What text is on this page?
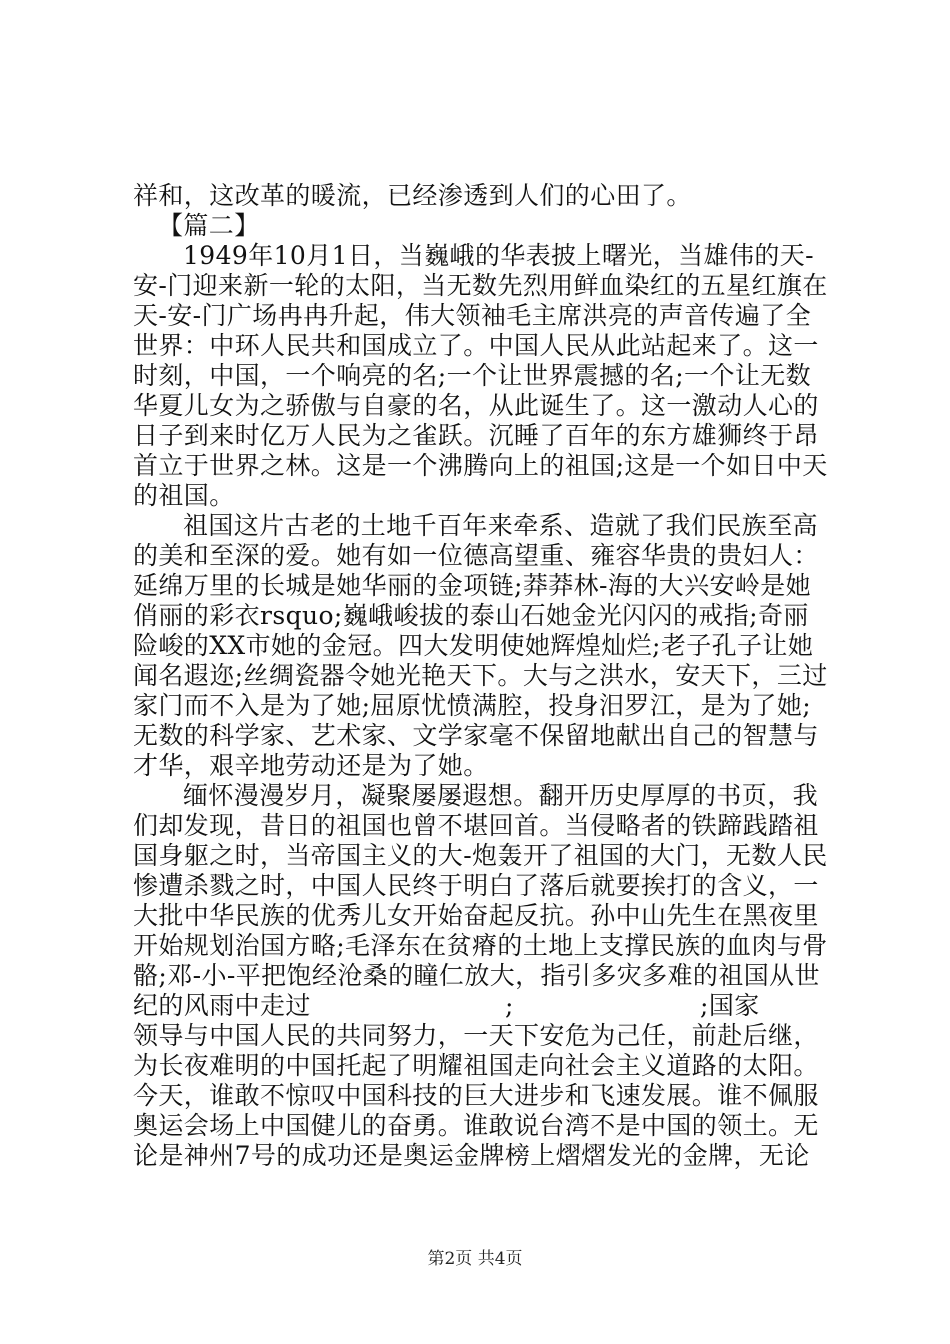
祥和，这改革的暖流，已经渗透到人们的心田了。
【篇二】
1949年10月1日，当巍峨的华表披上曙光，当雄伟的天-
安-门迎来新一轮的太阳，当无数先烈用鲜血染红的五星红旗在
天-安-门广场冉冉升起，伟大领袖毛主席洪亮的声音传遍了全
世界：中环人民共和国成立了。中国人民从此站起来了。这一
时刻，中国，一个响亮的名;一个让世界震撼的名;一个让无数
华夏儿女为之骄傲与自豪的名，从此诞生了。这一激动人心的
日子到来时亿万人民为之雀跃。沉睡了百年的东方雄狮终于昂
首立于世界之林。这是一个沸腾向上的祖国;这是一个如日中天
的祖国。
祖国这片古老的土地千百年来牵系、造就了我们民族至高
的美和至深的爱。她有如一位德高望重、雍容华贵的贵妇人：
延绵万里的长城是她华丽的金项链;莽莽林-海的大兴安岭是她
俏丽的彩衣rsquo;巍峨峻拔的泰山石她金光闪闪的戒指;奇丽
险峻的XX市她的金冠。四大发明使她辉煌灿烂;老子孔子让她
闻名遐迩;丝绸瓷器令她光艳天下。大与之洪水，安天下，三过
家门而不入是为了她;屈原忧愤满腔，投身汨罗江，是为了她;
无数的科学家、艺术家、文学家毫不保留地献出自己的智慧与
才华，艰辛地劳动还是为了她。
缅怀漫漫岁月，凝聚屡屡遐想。翻开历史厚厚的书页，我
们却发现，昔日的祖国也曾不堪回首。当侵略者的铁蹄践踏祖
国身躯之时，当帝国主义的大-炮轰开了祖国的大门，无数人民
惨遭杀戮之时，中国人民终于明白了落后就要挨打的含义，一
大批中华民族的优秀儿女开始奋起反抗。孙中山先生在黑夜里
开始规划治国方略;毛泽东在贫瘠的土地上支撑民族的血肉与骨
骼;邓-小-平把饱经沧桑的瞳仁放大，指引多灾多难的祖国从世
纪的风雨中走过	;	;国家
领导与中国人民的共同努力，一天下安危为己任，前赴后继，
为长夜难明的中国托起了明耀祖国走向社会主义道路的太阳。
今天，谁敢不惊叹中国科技的巨大进步和飞速发展。谁不佩服
奥运会场上中国健儿的奋勇。谁敢说台湾不是中国的领土。无
论是神州7号的成功还是奥运金牌榜上熠熠发光的金牌，无论
第2页 共4页
